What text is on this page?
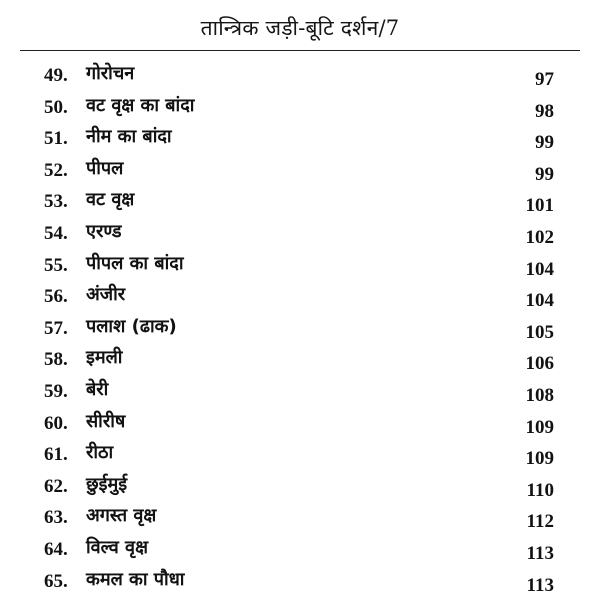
तान्त्रिक जड़ी-बूटि दर्शन/7
49. गोरोचन	97
50. वट वृक्ष का बांदा	98
51. नीम का बांदा	99
52. पीपल	99
53. वट वृक्ष	101
54. एरण्ड	102
55. पीपल का बांदा	104
56. अंजीर	104
57. पलाश (ढाक)	105
58. इमली	106
59. बेरी	108
60. सीरीष	109
61. रीठा	109
62. छुईमुई	110
63. अगस्त वृक्ष	112
64. विल्व वृक्ष	113
65. कमल का पौधा	113
